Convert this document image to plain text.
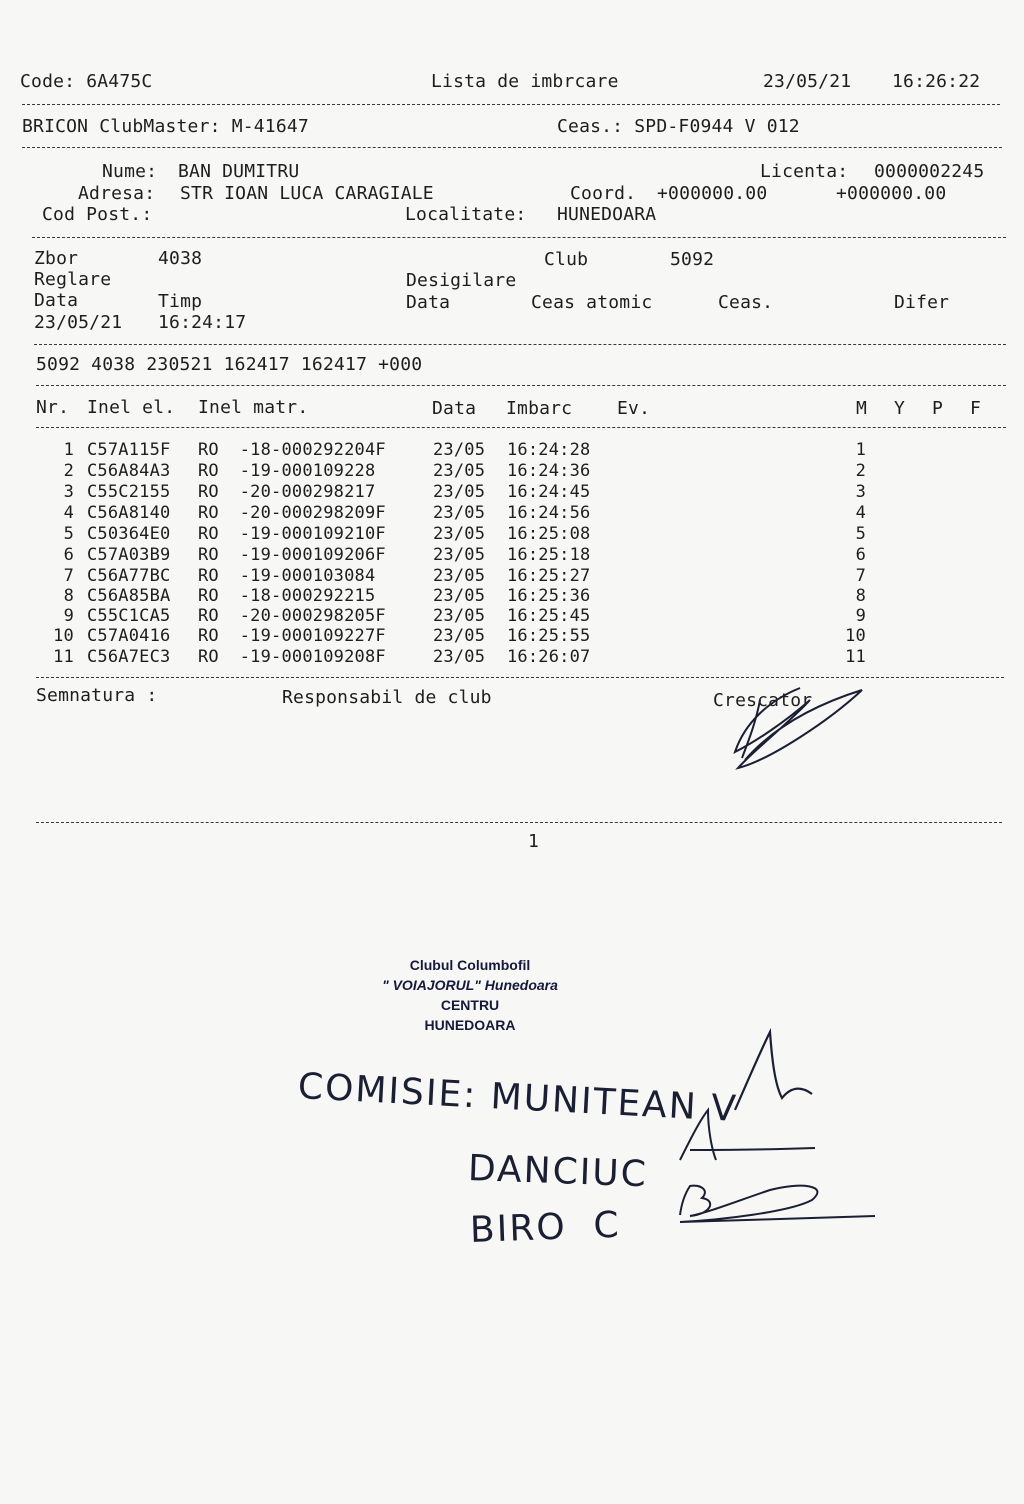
Code: 6A475C	Lista de imbrcare	23/05/21 16:26:22
BRICON ClubMaster: M-41647	Ceas.: SPD-F0944 V 012
Nume: BAN DUMITRU	Licenta: 0000002245
Adresa: STR IOAN LUCA CARAGIALE	Coord. +000000.00	+000000.00
Cod Post.:	Localitate: HUNEDOARA
Zbor	4038	Club	5092
Reglare	Desigilare
Data	Timp	Data	Ceas atomic	Ceas.	Difer
23/05/21 16:24:17
5092 4038 230521 162417 162417 +000
Nr. Inel el. Inel matr.	Data Imbarc Ev.	M Y P F
1 C57A115F RO  -18-000292204F	23/05 16:24:28	1
2 C56A84A3 RO  -19-000109228	23/05 16:24:36	2
3 C55C2155 RO  -20-000298217	23/05 16:24:45	3
4 C56A8140 RO  -20-000298209F	23/05 16:24:56	4
5 C50364E0 RO  -19-000109210F	23/05 16:25:08	5
6 C57A03B9 RO  -19-000109206F	23/05 16:25:18	6
7 C56A77BC RO  -19-000103084	23/05 16:25:27	7
8 C56A85BA RO  -18-000292215	23/05 16:25:36	8
9 C55C1CA5 RO  -20-000298205F	23/05 16:25:45	9
10 C57A0416 RO  -19-000109227F	23/05 16:25:55	10
11 C56A7EC3 RO  -19-000109208F	23/05 16:26:07	11
Semnatura :	Responsabil de club	Crescator
1
Clubul Columbofil
" VOIAJORUL" Hunedoara
CENTRU
HUNEDOARA
COMISIE: MUNITEAN V
DANCIUC
BIRO  C
